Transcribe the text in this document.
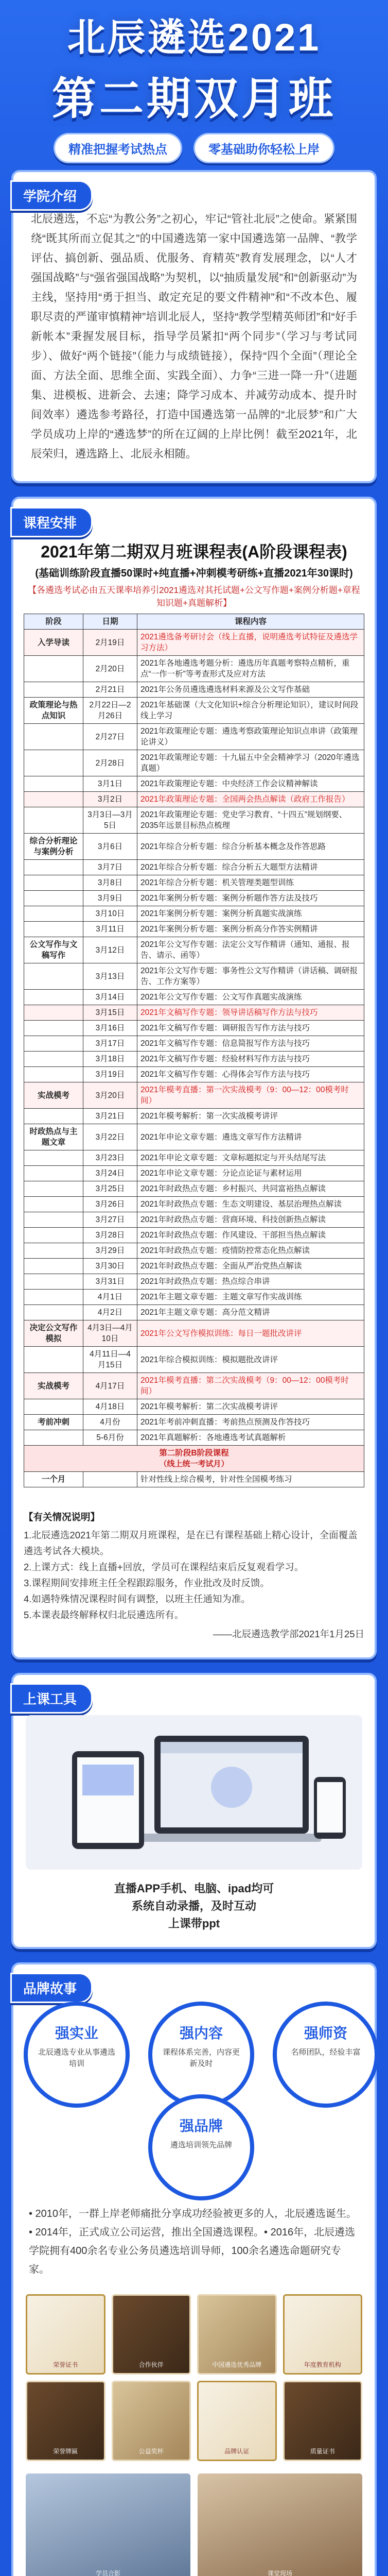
北辰遴选2021
第二期双月班
精准把握考试热点	零基础助你轻松上岸
学院介绍
北辰遴选，不忘“为教公务”之初心，牢记“管社北辰”之使命。紧紧围绕“既其所而立促其之”的中国遴选第一家中国遴选第一品牌、“教学评估、搞创新、强品质、优服务、育精英”教育发展理念，以“人才强国战略”与“强省强国战略”为契机，以“抽质量发展”和“创新驱动”为主线，坚持用“勇于担当、敢定充足的要文件精神”和“不改本色、履职尽责的严谨审慎精神”培训北辰人，坚持“教学型精英师团”和“好手新帐本”秉握发展目标，指导学员紧扣“两个同步”（学习与考试同步）、做好“两个链接”（能力与成绩链接），保持“四个全面”（理论全面、方法全面、思维全面、实践全面）、力争“三进一降一升”（进题集、进模板、进新会、去速；降学习成本、并减劳动成本、提升时间效率）遴选参考路径，打造中国遴选第一品牌的“北辰梦”和广大学员成功上岸的“遴选梦”的所在辽阔的上岸比例！截至2021年，北辰荣归，遴选路上、北辰永相随。
课程安排
2021年第二期双月班课程表(A阶段课程表)
(基础训练阶段直播50课时+纯直播+冲刺模考研练+直播2021年30课时)
【各遴选考试必由五天课率培养引2021遴选对其托试题+公文写作题+案例分析题+章程知识题+真题解析】
阶段	日期	课程内容
入学导读	2月19日	2021遴选备考研讨会（线上直播，说明遴选考试特征及遴选学习方法）
	2月20日	2021年各地遴选考题分析：遴选历年真题考察特点精析，重点“一作一析”等考查形式及应对方法
	2月21日	2021年公务员遴选遴选材料来源及公文写作基础
政策理论与热点知识	2月22日—2月26日	2021年基础课（大文化知识+综合分析理论知识），建议时间段线上学习
	2月27日	2021年政策理论专题：遴选考察政策理论知识点串讲（政策理论讲义）
	2月28日	2021年政策理论专题：十九届五中全会精神学习（2020年遴选真题）
	3月1日	2021年政策理论专题：中央经济工作会议精神解读
	3月2日	2021年政策理论专题：全国两会热点解读（政府工作报告）
	3月3日—3月5日	2021年政策理论专题：党史学习教育、“十四五”规划纲要、2035年远景目标热点梳理
综合分析理论与案例分析	3月6日	2021年综合分析专题：综合分析基本概念及作答思路
	3月7日	2021年综合分析专题：综合分析五大题型方法精讲
	3月8日	2021年综合分析专题：机关管理类题型训练
	3月9日	2021年案例分析专题：案例分析题作答方法及技巧
	3月10日	2021年案例分析专题：案例分析真题实战演练
	3月11日	2021年案例分析专题：案例分析高分作答实例精讲
公文写作与文稿写作	3月12日	2021年公文写作专题：法定公文写作精讲（通知、通报、报告、请示、函等）
	3月13日	2021年公文写作专题：事务性公文写作精讲（讲话稿、调研报告、工作方案等）
	3月14日	2021年公文写作专题：公文写作真题实战演练
	3月15日	2021年文稿写作专题：领导讲话稿写作方法与技巧
	3月16日	2021年文稿写作专题：调研报告写作方法与技巧
	3月17日	2021年文稿写作专题：信息简报写作方法与技巧
	3月18日	2021年文稿写作专题：经验材料写作方法与技巧
	3月19日	2021年文稿写作专题：心得体会写作方法与技巧
实战模考	3月20日	2021年模考直播：第一次实战模考（9：00—12：00模考时间）
	3月21日	2021年模考解析：第一次实战模考讲评
时政热点与主题文章	3月22日	2021年申论文章专题：遴选文章写作方法精讲
	3月23日	2021年申论文章专题：文章标题拟定与开头结尾写法
	3月24日	2021年申论文章专题：分论点论证与素材运用
	3月25日	2021年时政热点专题：乡村振兴、共同富裕热点解读
	3月26日	2021年时政热点专题：生态文明建设、基层治理热点解读
	3月27日	2021年时政热点专题：营商环境、科技创新热点解读
	3月28日	2021年时政热点专题：作风建设、干部担当热点解读
	3月29日	2021年时政热点专题：疫情防控常态化热点解读
	3月30日	2021年时政热点专题：全面从严治党热点解读
	3月31日	2021年时政热点专题：热点综合串讲
	4月1日	2021年主题文章专题：主题文章写作实战训练
	4月2日	2021年主题文章专题：高分范文精讲
决定公文写作模拟	4月3日—4月10日	2021年公文写作模拟训练：每日一题批改讲评
	4月11日—4月15日	2021年综合模拟训练：模拟题批改讲评
实战模考	4月17日	2021年模考直播：第二次实战模考（9：00—12：00模考时间）
	4月18日	2021年模考解析：第二次实战模考讲评
考前冲刺	4月份	2021年考前冲刺直播：考前热点预测及作答技巧
	5-6月份	2021年真题解析：各地遴选考试真题解析
第二阶段B阶段课程
（线上统一考试月）		
一个月		针对性线上综合模考，针对性全国模考练习
【有关情况说明】
1.北辰遴选2021年第二期双月班课程，是在已有课程基础上精心设计，全面覆盖遴选考试各大模块。
2.上课方式：线上直播+回放，学员可在课程结束后反复观看学习。
3.课程期间安排班主任全程跟踪服务，作业批改及时反馈。
4.如遇特殊情况课程时间有调整，以班主任通知为准。
5.本课表最终解释权归北辰遴选所有。
——北辰遴选教学部2021年1月25日
上课工具
直播APP手机、电脑、ipad均可
系统自动录播，及时互动
上课带ppt
品牌故事
强实业
北辰遴选专业从事遴选培训
强内容
课程体系完善，内容更新及时
强师资
名师团队，经验丰富
强品牌
遴选培训领先品牌
• 2010年，一群上岸老师痛批分享成功经验被更多的人，北辰遴选诞生。• 2014年，正式成立公司运营，推出全国遴选课程。• 2016年，北辰遴选学院拥有400余名专业公务员遴选培训导师，100余名遴选命题研究专家。
荣誉证书	合作伙伴	中国遴选优秀品牌	年度教育机构
荣誉牌匾	公益奖杯	品牌认证	质量证书
学员合影	课堂现场
